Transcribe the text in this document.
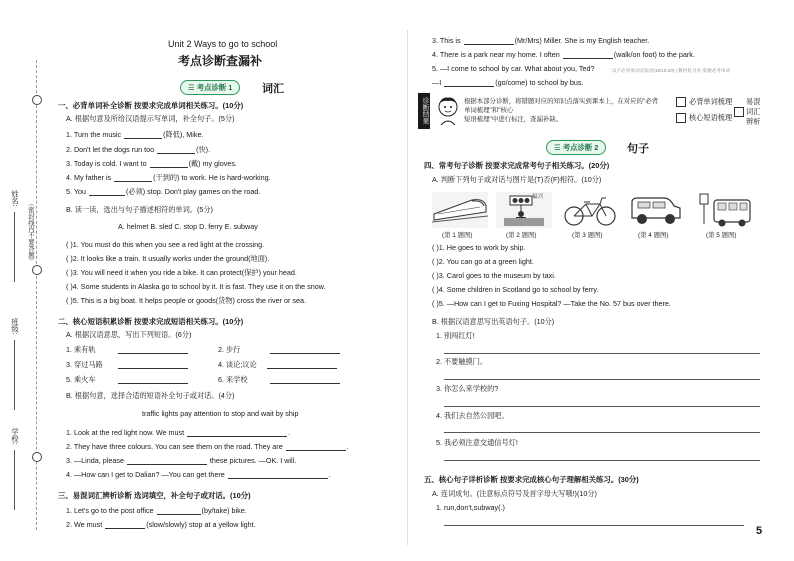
姓名:
（密封线内不要答题）
班级:
学校:
Unit 2 Ways to go to school
考点诊断查漏补
☰ 考点诊断 1	词汇
一、必背单词补全诊断 按要求完成单词相关练习。(10分)
A. 根据句意及所给汉语提示写单词，补全句子。(5分)
1. Turn the music	(降低), Mike.
2. Don't let the dogs run too	(快).
3. Today is cold. I want to	(戴) my gloves.
4. My father is	(干到的) to work. He is hard-working.
5. You	(必须) stop. Don't play games on the road.
B. 读一读，选出与句子描述相符的单词。(5分)
A. helmet B. sled C. stop D. ferry E. subway
( )1. You must do this when you see a red light at the crossing.
( )2. It looks like a train. It usually works under the ground(地面).
( )3. You will need it when you ride a bike. It can protect(保护) your head.
( )4. Some students in Alaska go to school by it. It is fast. They use it on the snow.
( )5. This is a big boat. It helps people or goods(货物) cross the river or sea.
二、核心短语积累诊断 按要求完成短语相关练习。(10分)
A. 根据汉语意思，写出下列短语。(6分)
1. 乘有轨	2. 步行
3. 穿过马路	4. 谈论;议论
5. 乘火车	6. 来学校
B. 根据句意，选择合适的短语补全句子或对话。(4分)
traffic lights pay attention to stop and wait by ship
1. Look at the red light now. We must	.
2. They have three colours. You can see them on the road. They are	.
3. —Linda, please	these pictures. —OK. I will.
4. —How can I get to Dalian? —You can get there	.
三、易混词汇辨析诊断 选词填空，补全句子或对话。(10分)
1. Let's go to the post office	(by/take) bike.
2. We must	(slow/slowly) stop at a yellow light.
3. This is	(Mr/Mrs) Miller. She is my English teacher.
4. There is a park near my home. I often	(walk/on foot) to the park.
5. —I come to school by car. What about you, Ted?
—I	(go/come) to school by bus.
以下必背单词及短语(19/19,20) | 教材复习页-掌握必考单词
诊断结果	根据本部分诊断，将错题对应的知识点落实到课本上，在对应的"必背单词梳理"和"核心
短语梳理"中进行标注，查漏补缺。
必背单词梳理
核心短语梳理
易混
词汇
辨析
☰ 考点诊断 2	句子
四、常考句子诊断 按要求完成常考句子相关练习。(20分)
A. 判断下列句子或对话与图片是(T)否(F)相符。(10分)
福兴
(第 1 题图)	(第 2 题图)	(第 3 题图)	(第 4 题图)	(第 5 题图)
( )1. He goes to work by ship.
( )2. You can go at a green light.
( )3. Carol goes to the museum by taxi.
( )4. Some children in Scotland go to school by ferry.
( )5. —How can I get to Fuxing Hospital? —Take the No. 57 bus over there.
B. 根据汉语意思写出英语句子。(10分)
1. 别闯红灯!
2. 不要触摸门。
3. 你怎么来学校的?
4. 我们去自然公园吧。
5. 我必须注意交通信号灯!
五、核心句子详析诊断 按要求完成核心句子理解相关练习。(30分)
A. 连词成句。(注意标点符号及首字母大写哦!)(10分)
1. run,don't,subway(.)
5
